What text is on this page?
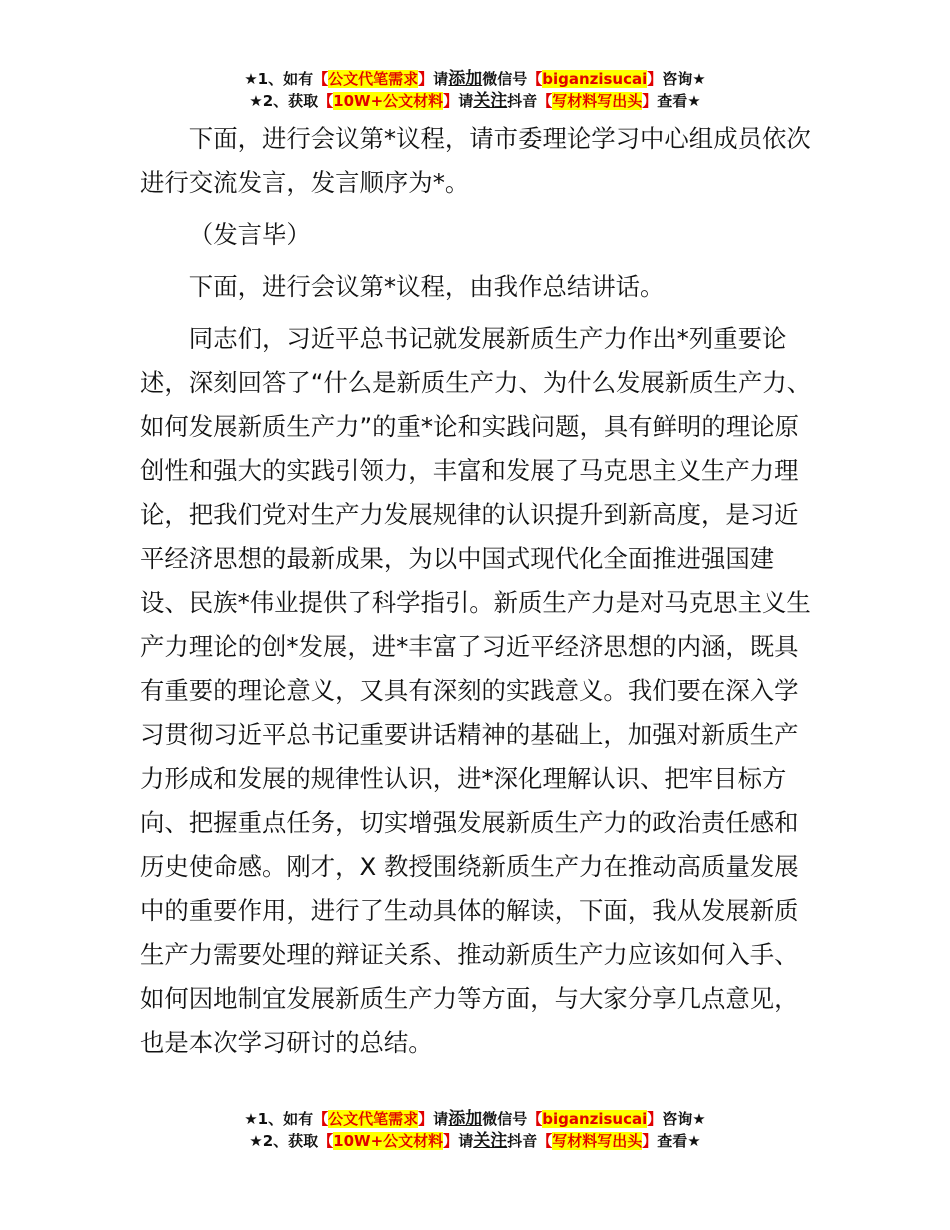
★1、如有【公文代笔需求】请添加微信号【biganzisucai】咨询★
★2、获取【10W+公文材料】请关注抖音【写材料写出头】查看★

下面，进行会议第*议程，请市委理论学习中心组成员依次进行交流发言，发言顺序为*。

（发言毕）

下面，进行会议第*议程，由我作总结讲话。

同志们，习近平总书记就发展新质生产力作出*列重要论述，深刻回答了“什么是新质生产力、为什么发展新质生产力、如何发展新质生产力”的重*论和实践问题，具有鲜明的理论原创性和强大的实践引领力，丰富和发展了马克思主义生产力理论，把我们党对生产力发展规律的认识提升到新高度，是习近平经济思想的最新成果，为以中国式现代化全面推进强国建设、民族*伟业提供了科学指引。新质生产力是对马克思主义生产力理论的创*发展，进*丰富了习近平经济思想的内涵，既具有重要的理论意义，又具有深刻的实践意义。我们要在深入学习贯彻习近平总书记重要讲话精神的基础上，加强对新质生产力形成和发展的规律性认识，进*深化理解认识、把牢目标方向、把握重点任务，切实增强发展新质生产力的政治责任感和历史使命感。刚才，X 教授围绕新质生产力在推动高质量发展中的重要作用，进行了生动具体的解读，下面，我从发展新质生产力需要处理的辩证关系、推动新质生产力应该如何入手、如何因地制宜发展新质生产力等方面，与大家分享几点意见，也是本次学习研讨的总结。

★1、如有【公文代笔需求】请添加微信号【biganzisucai】咨询★
★2、获取【10W+公文材料】请关注抖音【写材料写出头】查看★
